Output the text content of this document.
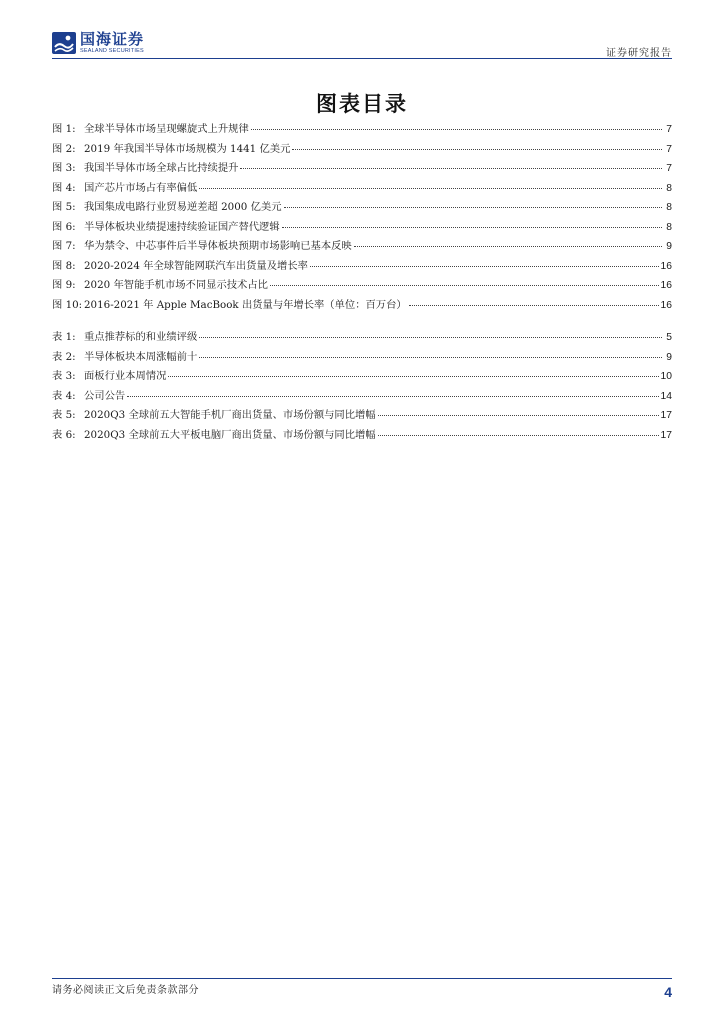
国海证券
SEALAND SECURITIES	证券研究报告
图表目录
图 1: 全球半导体市场呈现螺旋式上升规律	7
图 2: 2019 年我国半导体市场规模为 1441 亿美元	7
图 3: 我国半导体市场全球占比持续提升	7
图 4: 国产芯片市场占有率偏低	8
图 5: 我国集成电路行业贸易逆差超 2000 亿美元	8
图 6: 半导体板块业绩提速持续验证国产替代逻辑	8
图 7: 华为禁令、中芯事件后半导体板块预期市场影响已基本反映	9
图 8: 2020-2024 年全球智能网联汽车出货量及增长率	16
图 9: 2020 年智能手机市场不同显示技术占比	16
图 10: 2016-2021 年 Apple MacBook 出货量与年增长率（单位：百万台）	16
表 1: 重点推荐标的和业绩评级	5
表 2: 半导体板块本周涨幅前十	9
表 3: 面板行业本周情况	10
表 4: 公司公告	14
表 5: 2020Q3 全球前五大智能手机厂商出货量、市场份额与同比增幅	17
表 6: 2020Q3 全球前五大平板电脑厂商出货量、市场份额与同比增幅	17
请务必阅读正文后免责条款部分	4
